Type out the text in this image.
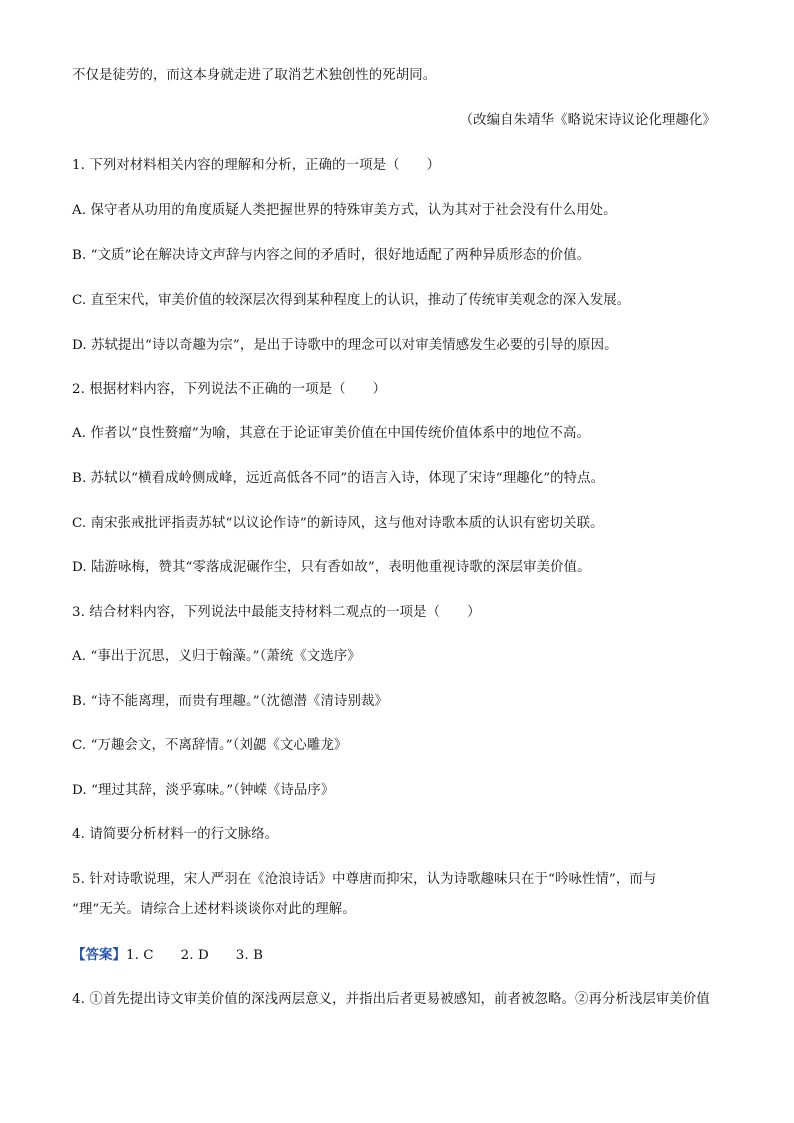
不仅是徒劳的，而这本身就走进了取消艺术独创性的死胡同。
（改编自朱靖华《略说宋诗议论化理趣化》
1. 下列对材料相关内容的理解和分析，正确的一项是（　　）
A. 保守者从功用的角度质疑人类把握世界的特殊审美方式，认为其对于社会没有什么用处。
B. “文质”论在解决诗文声辞与内容之间的矛盾时，很好地适配了两种异质形态的价值。
C. 直至宋代，审美价值的较深层次得到某种程度上的认识，推动了传统审美观念的深入发展。
D. 苏轼提出“诗以奇趣为宗”，是出于诗歌中的理念可以对审美情感发生必要的引导的原因。
2. 根据材料内容，下列说法不正确的一项是（　　）
A. 作者以“良性赘瘤”为喻，其意在于论证审美价值在中国传统价值体系中的地位不高。
B. 苏轼以“横看成岭侧成峰，远近高低各不同”的语言入诗，体现了宋诗“理趣化”的特点。
C. 南宋张戒批评指责苏轼“以议论作诗”的新诗风，这与他对诗歌本质的认识有密切关联。
D. 陆游咏梅，赞其“零落成泥碾作尘，只有香如故”，表明他重视诗歌的深层审美价值。
3. 结合材料内容，下列说法中最能支持材料二观点的一项是（　　）
A. “事出于沉思，义归于翰藻。”（萧统《文选序》
B. “诗不能离理，而贵有理趣。”（沈德潜《清诗别裁》
C. “万趣会文，不离辞情。”（刘勰《文心雕龙》
D. “理过其辞，淡乎寡味。”（钟嵘《诗品序》
4. 请简要分析材料一的行文脉络。
5. 针对诗歌说理，宋人严羽在《沧浪诗话》中尊唐而抑宋，认为诗歌趣味只在于“吟咏性情”，而与
“理”无关。请综合上述材料谈谈你对此的理解。
【答案】1. C　　2. D　　3. B
4. ①首先提出诗文审美价值的深浅两层意义，并指出后者更易被感知，前者被忽略。②再分析浅层审美价值
